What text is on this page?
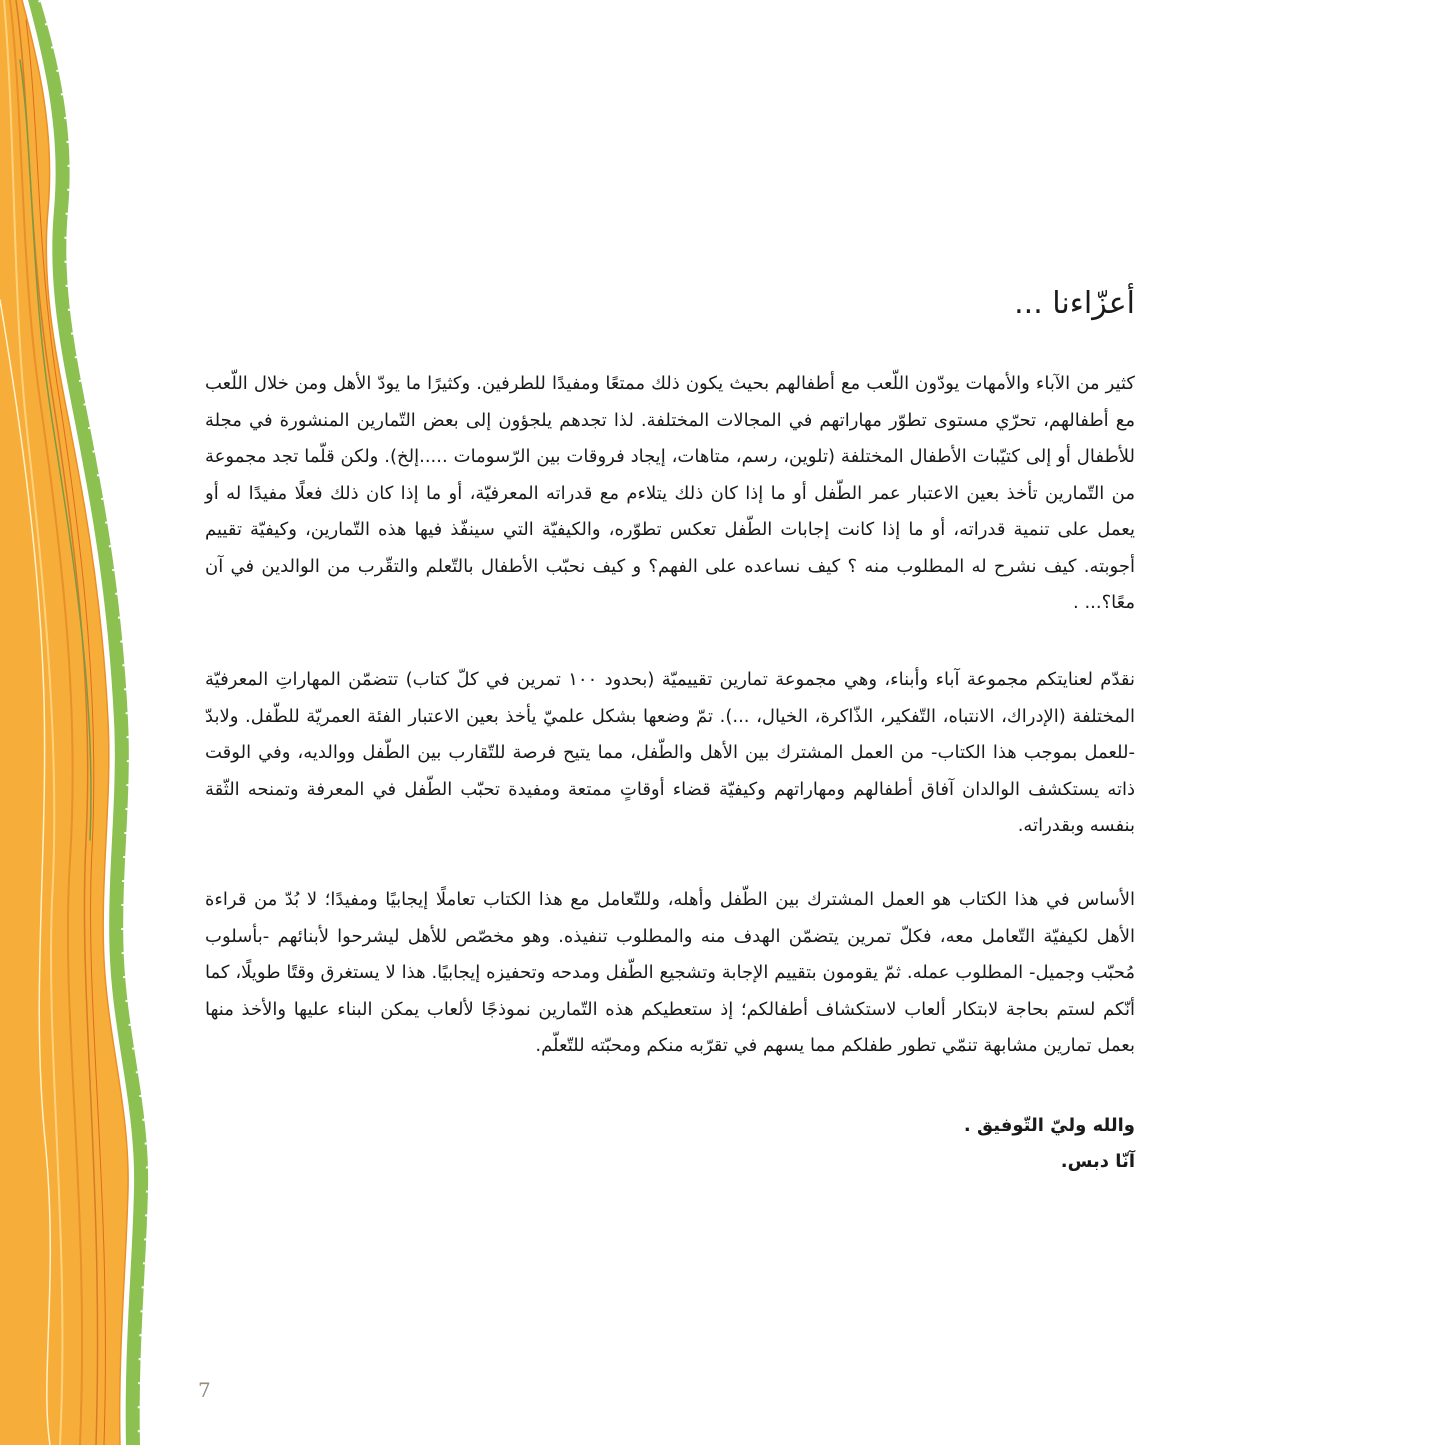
أعزّاءنا ...
كثير من الآباء والأمهات يودّون اللّعب مع أطفالهم بحيث يكون ذلك ممتعًا ومفيدًا للطرفين. وكثيرًا ما يودّ الأهل ومن خلال اللّعب مع أطفالهم، تحرّي مستوى تطوّر مهاراتهم في المجالات المختلفة. لذا تجدهم يلجؤون إلى بعض التّمارين المنشورة في مجلة للأطفال أو إلى كتيّبات الأطفال المختلفة (تلوين، رسم، متاهات، إيجاد فروقات بين الرّسومات .....إلخ). ولكن قلّما تجد مجموعة من التّمارين تأخذ بعين الاعتبار عمر الطّفل أو ما إذا كان ذلك يتلاءم مع قدراته المعرفيّة، أو ما إذا كان ذلك فعلًا مفيدًا له أو يعمل على تنمية قدراته، أو ما إذا كانت إجابات الطّفل تعكس تطوّره، والكيفيّة التي سينفّذ فيها هذه التّمارين، وكيفيّة تقييم أجوبته. كيف نشرح له المطلوب منه ؟ كيف نساعده على الفهم؟ و كيف نحبّب الأطفال بالتّعلم والتقّرب من الوالدين في آن معًا؟... .
نقدّم لعنايتكم مجموعة آباء وأبناء، وهي مجموعة تمارين تقييميّة (بحدود ١٠٠ تمرين في كلّ كتاب) تتضمّن المهاراتِ المعرفيّة المختلفة (الإدراك، الانتباه، التّفكير، الذّاكرة، الخيال، ...). تمّ وضعها بشكل علميّ يأخذ بعين الاعتبار الفئة العمريّة للطّفل. ولابدّ -للعمل بموجب هذا الكتاب- من العمل المشترك بين الأهل والطّفل، مما يتيح فرصة للتّقارب بين الطّفل ووالديه، وفي الوقت ذاته يستكشف الوالدان آفاق أطفالهم ومهاراتهم وكيفيّة قضاء أوقاتٍ ممتعة ومفيدة تحبّب الطّفل في المعرفة وتمنحه الثّقة بنفسه وبقدراته.
الأساس في هذا الكتاب هو العمل المشترك بين الطّفل وأهله، وللتّعامل مع هذا الكتاب تعاملًا إيجابيًا ومفيدًا؛ لا بُدّ من قراءة الأهل لكيفيّة التّعامل معه، فكلّ تمرين يتضمّن الهدف منه والمطلوب تنفيذه. وهو مخصّص للأهل ليشرحوا لأبنائهم -بأسلوب مُحبّب وجميل- المطلوب عمله. ثمّ يقومون بتقييم الإجابة وتشجيع الطّفل ومدحه وتحفيزه إيجابيًا. هذا لا يستغرق وقتًا طويلًا، كما أنّكم لستم بحاجة لابتكار ألعاب لاستكشاف أطفالكم؛ إذ ستعطيكم هذه التّمارين نموذجًا لألعاب يمكن البناء عليها والأخذ منها بعمل تمارين مشابهة تنمّي تطور طفلكم مما يسهم في تقرّبه منكم ومحبّته للتّعلّم.
والله وليّ التّوفيق .
آنّا دبس.
7
